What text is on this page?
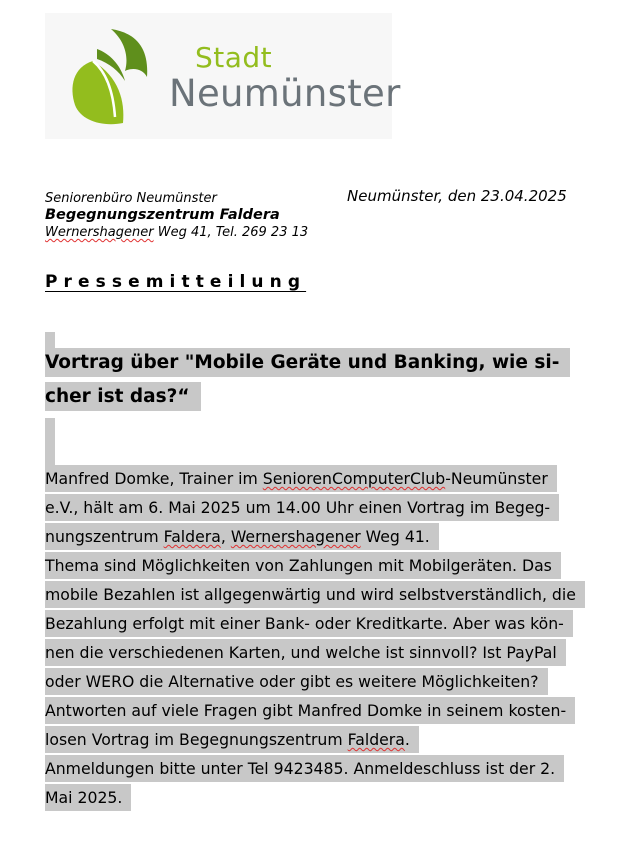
Stadt
Neumünster
Seniorenbüro Neumünster
Begegnungszentrum Faldera
Wernershagener Weg 41, Tel. 269 23 13
Neumünster, den 23.04.2025
Pressemitteilung
Vortrag über "Mobile Geräte und Banking, wie si-
cher ist das?“
Manfred Domke, Trainer im SeniorenComputerClub-Neumünster
e.V., hält am 6. Mai 2025 um 14.00 Uhr einen Vortrag im Begeg-
nungszentrum Faldera, Wernershagener Weg 41.
Thema sind Möglichkeiten von Zahlungen mit Mobilgeräten. Das
mobile Bezahlen ist allgegenwärtig und wird selbstverständlich, die
Bezahlung erfolgt mit einer Bank- oder Kreditkarte. Aber was kön-
nen die verschiedenen Karten, und welche ist sinnvoll? Ist PayPal
oder WERO die Alternative oder gibt es weitere Möglichkeiten?
Antworten auf viele Fragen gibt Manfred Domke in seinem kosten-
losen Vortrag im Begegnungszentrum Faldera.
Anmeldungen bitte unter Tel 9423485. Anmeldeschluss ist der 2.
Mai 2025.
